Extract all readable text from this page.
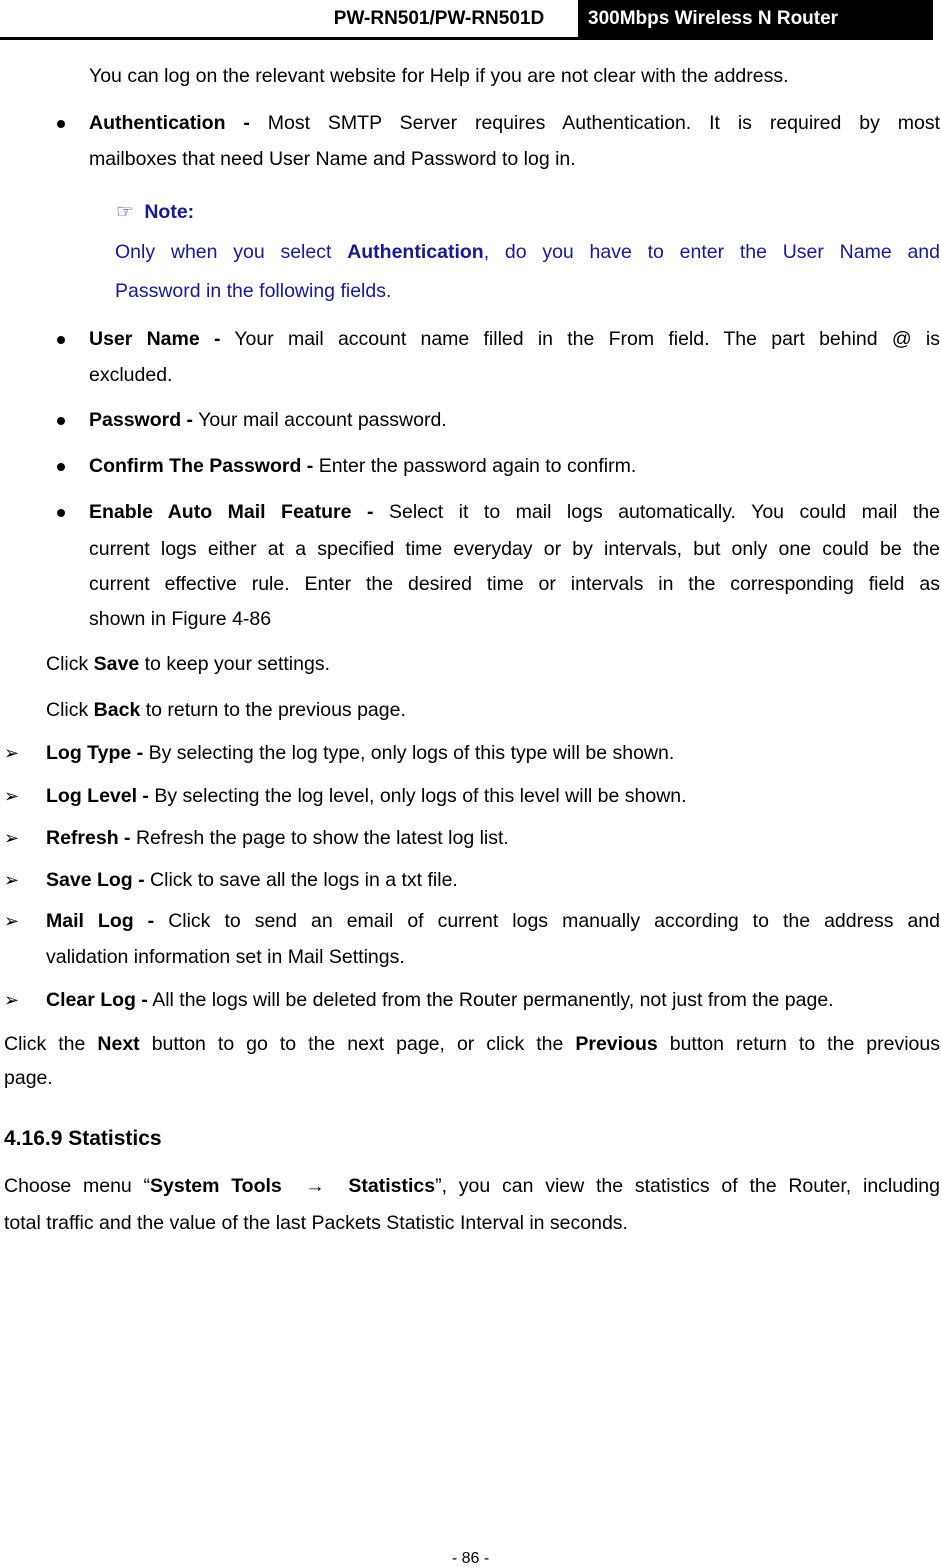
PW-RN501/PW-RN501D	300Mbps Wireless N Router
You can log on the relevant website for Help if you are not clear with the address.
Authentication - Most SMTP Server requires Authentication. It is required by most
mailboxes that need User Name and Password to log in.
☞ Note:
Only when you select Authentication, do you have to enter the User Name and
Password in the following fields.
User Name - Your mail account name filled in the From field. The part behind @ is
excluded.
Password - Your mail account password.
Confirm The Password - Enter the password again to confirm.
Enable Auto Mail Feature - Select it to mail logs automatically. You could mail the
current logs either at a specified time everyday or by intervals, but only one could be the
current effective rule. Enter the desired time or intervals in the corresponding field as
shown in Figure 4-86
Click Save to keep your settings.
Click Back to return to the previous page.
➢ Log Type - By selecting the log type, only logs of this type will be shown.
➢ Log Level - By selecting the log level, only logs of this level will be shown.
➢ Refresh - Refresh the page to show the latest log list.
➢ Save Log - Click to save all the logs in a txt file.
➢ Mail Log - Click to send an email of current logs manually according to the address and
validation information set in Mail Settings.
➢ Clear Log - All the logs will be deleted from the Router permanently, not just from the page.
Click the Next button to go to the next page, or click the Previous button return to the previous
page.
4.16.9 Statistics
Choose menu “System Tools → Statistics”, you can view the statistics of the Router, including
total traffic and the value of the last Packets Statistic Interval in seconds.
- 86 -
